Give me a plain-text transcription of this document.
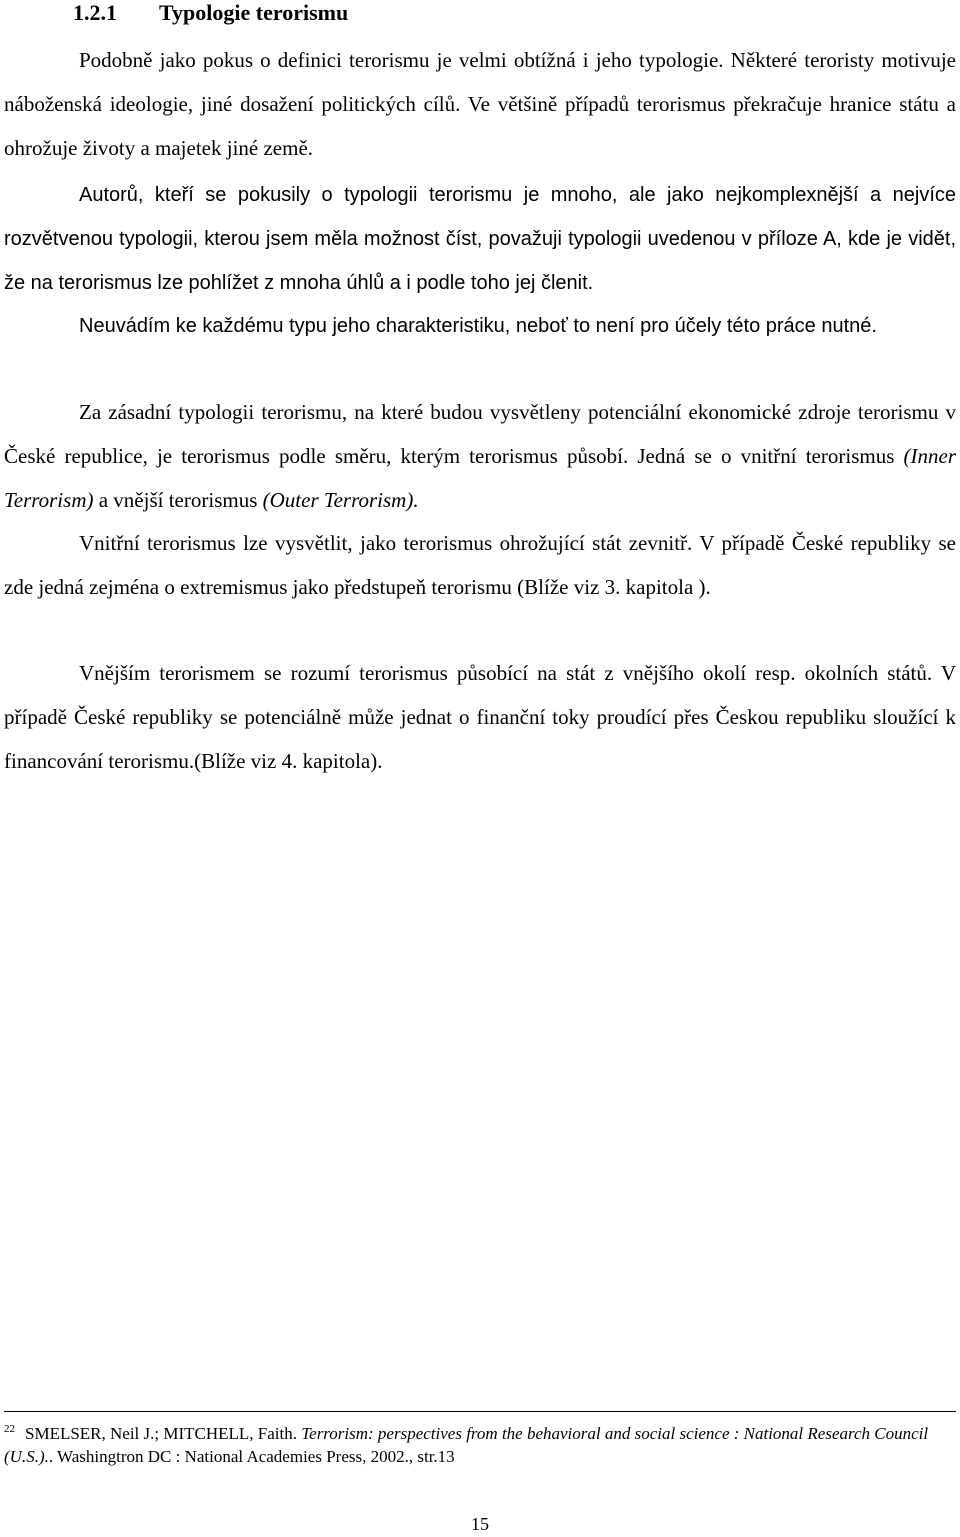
1.2.1 Typologie terorismu

Podobně jako pokus o definici terorismu je velmi obtížná i jeho typologie. Některé teroristy motivuje náboženská ideologie, jiné dosažení politických cílů. Ve většině případů terorismus překračuje hranice státu a ohrožuje životy a majetek jiné země.

Autorů, kteří se pokusily o typologii terorismu je mnoho, ale jako nejkomplexnější a nejvíce rozvětvenou typologii, kterou jsem měla možnost číst, považuji typologii uvedenou v příloze A, kde je vidět, že na terorismus lze pohlížet z mnoha úhlů a i podle toho jej členit.

Neuvádím ke každému typu jeho charakteristiku, neboť to není pro účely této práce nutné.

Za zásadní typologii terorismu, na které budou vysvětleny potenciální ekonomické zdroje terorismu v České republice, je terorismus podle směru, kterým terorismus působí. Jedná se o vnitřní terorismus (Inner Terrorism) a vnější terorismus (Outer Terrorism).

Vnitřní terorismus lze vysvětlit, jako terorismus ohrožující stát zevnitř. V případě České republiky se zde jedná zejména o extremismus jako předstupeň terorismu (Blíže viz 3. kapitola ).

Vnějším terorismem se rozumí terorismus působící na stát z vnějšího okolí resp. okolních států. V případě České republiky se potenciálně může jednat o finanční toky proudící přes Českou republiku sloužící k financování terorismu.(Blíže viz 4. kapitola).

$^{22}$ SMELSER, Neil J.; MITCHELL, Faith. Terrorism: perspectives from the behavioral and social science : National Research Council (U.S.).. Washingtron DC : National Academies Press, 2002., str.13

15
